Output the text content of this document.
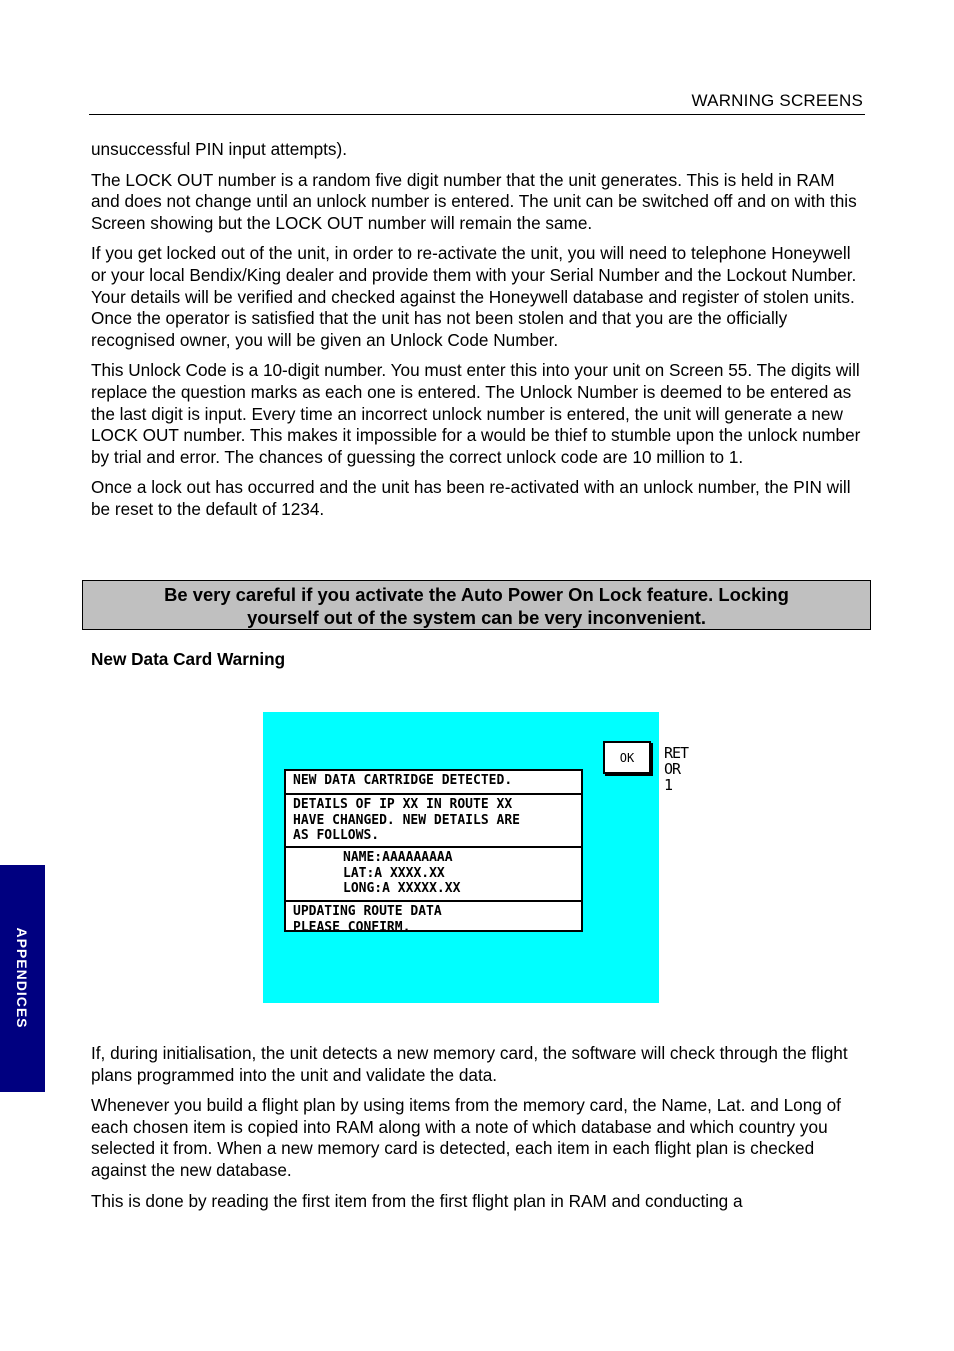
WARNING SCREENS

unsuccessful PIN input attempts).

The LOCK OUT number is a random five digit number that the unit generates. This is held in RAM and does not change until an unlock number is entered. The unit can be switched off and on with this Screen showing but the LOCK OUT number will remain the same.

If you get locked out of the unit, in order to re-activate the unit, you will need to telephone Honeywell or your local Bendix/King dealer and provide them with your Serial Number and the Lockout Number. Your details will be verified and checked against the Honeywell database and register of stolen units. Once the operator is satisfied that the unit has not been stolen and that you are the officially recognised owner, you will be given an Unlock Code Number.

This Unlock Code is a 10-digit number. You must enter this into your unit on Screen 55. The digits will replace the question marks as each one is entered. The Unlock Number is deemed to be entered as the last digit is input. Every time an incorrect unlock number is entered, the unit will generate a new LOCK OUT number. This makes it impossible for a would be thief to stumble upon the unlock number by trial and error. The chances of guessing the correct unlock code are 10 million to 1.

Once a lock out has occurred and the unit has been re-activated with an unlock number, the PIN will be reset to the default of 1234.

Be very careful if you activate the Auto Power On Lock feature. Locking
yourself out of the system can be very inconvenient.
New Data Card Warning
NEW DATA CARTRIDGE DETECTED.
DETAILS OF IP XX IN ROUTE XX
HAVE CHANGED. NEW DETAILS ARE
AS FOLLOWS.
NAME:AAAAAAAAA
LAT:A XXXX.XX
LONG:A XXXXX.XX
UPDATING ROUTE DATA
PLEASE CONFIRM.
OK	RET
OR
1

If, during initialisation, the unit detects a new memory card, the software will check through the flight plans programmed into the unit and validate the data.

Whenever you build a flight plan by using items from the memory card, the Name, Lat. and Long of each chosen item is copied into RAM along with a note of which database and which country you selected it from. When a new memory card is detected, each item in each flight plan is checked against the new database.

This is done by reading the first item from the first flight plan in RAM and conducting a

APPENDICES
